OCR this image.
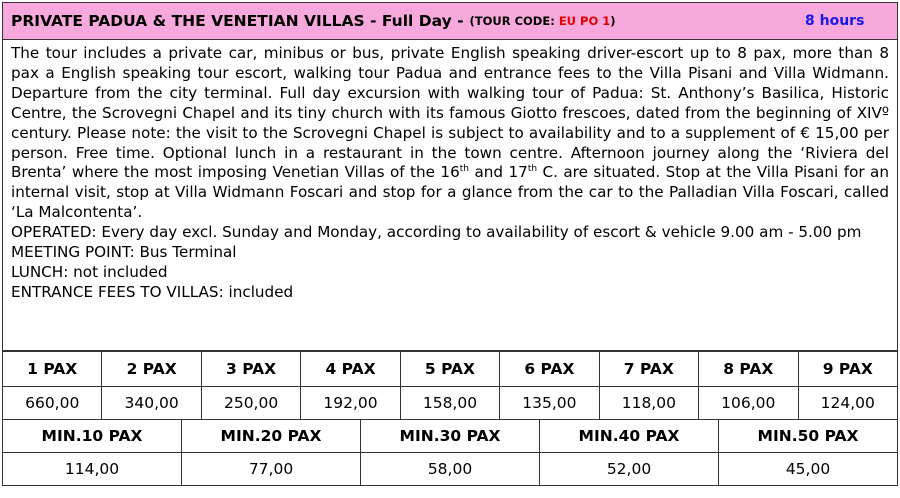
PRIVATE PADUA & THE VENETIAN VILLAS - Full Day - (TOUR CODE: EU PO 1)	8 hours

The tour includes a private car, minibus or bus, private English speaking driver-escort up to 8 pax, more than 8 pax a English speaking tour escort, walking tour Padua and entrance fees to the Villa Pisani and Villa Widmann. Departure from the city terminal. Full day excursion with walking tour of Padua: St. Anthony’s Basilica, Historic Centre, the Scrovegni Chapel and its tiny church with its famous Giotto frescoes, dated from the beginning of XIVº century. Please note: the visit to the Scrovegni Chapel is subject to availability and to a supplement of € 15,00 per person. Free time. Optional lunch in a restaurant in the town centre. Afternoon journey along the ‘Riviera del Brenta’ where the most imposing Venetian Villas of the 16th and 17th C. are situated. Stop at the Villa Pisani for an internal visit, stop at Villa Widmann Foscari and stop for a glance from the car to the Palladian Villa Foscari, called ‘La Malcontenta’.

OPERATED: Every day excl. Sunday and Monday, according to availability of escort & vehicle 9.00 am - 5.00 pm

MEETING POINT: Bus Terminal

LUNCH: not included

ENTRANCE FEES TO VILLAS: included

1 PAX	2 PAX	3 PAX	4 PAX	5 PAX	6 PAX	7 PAX	8 PAX	9 PAX
660,00	340,00	250,00	192,00	158,00	135,00	118,00	106,00	124,00
MIN.10 PAX	MIN.20 PAX	MIN.30 PAX	MIN.40 PAX	MIN.50 PAX
114,00	77,00	58,00	52,00	45,00
